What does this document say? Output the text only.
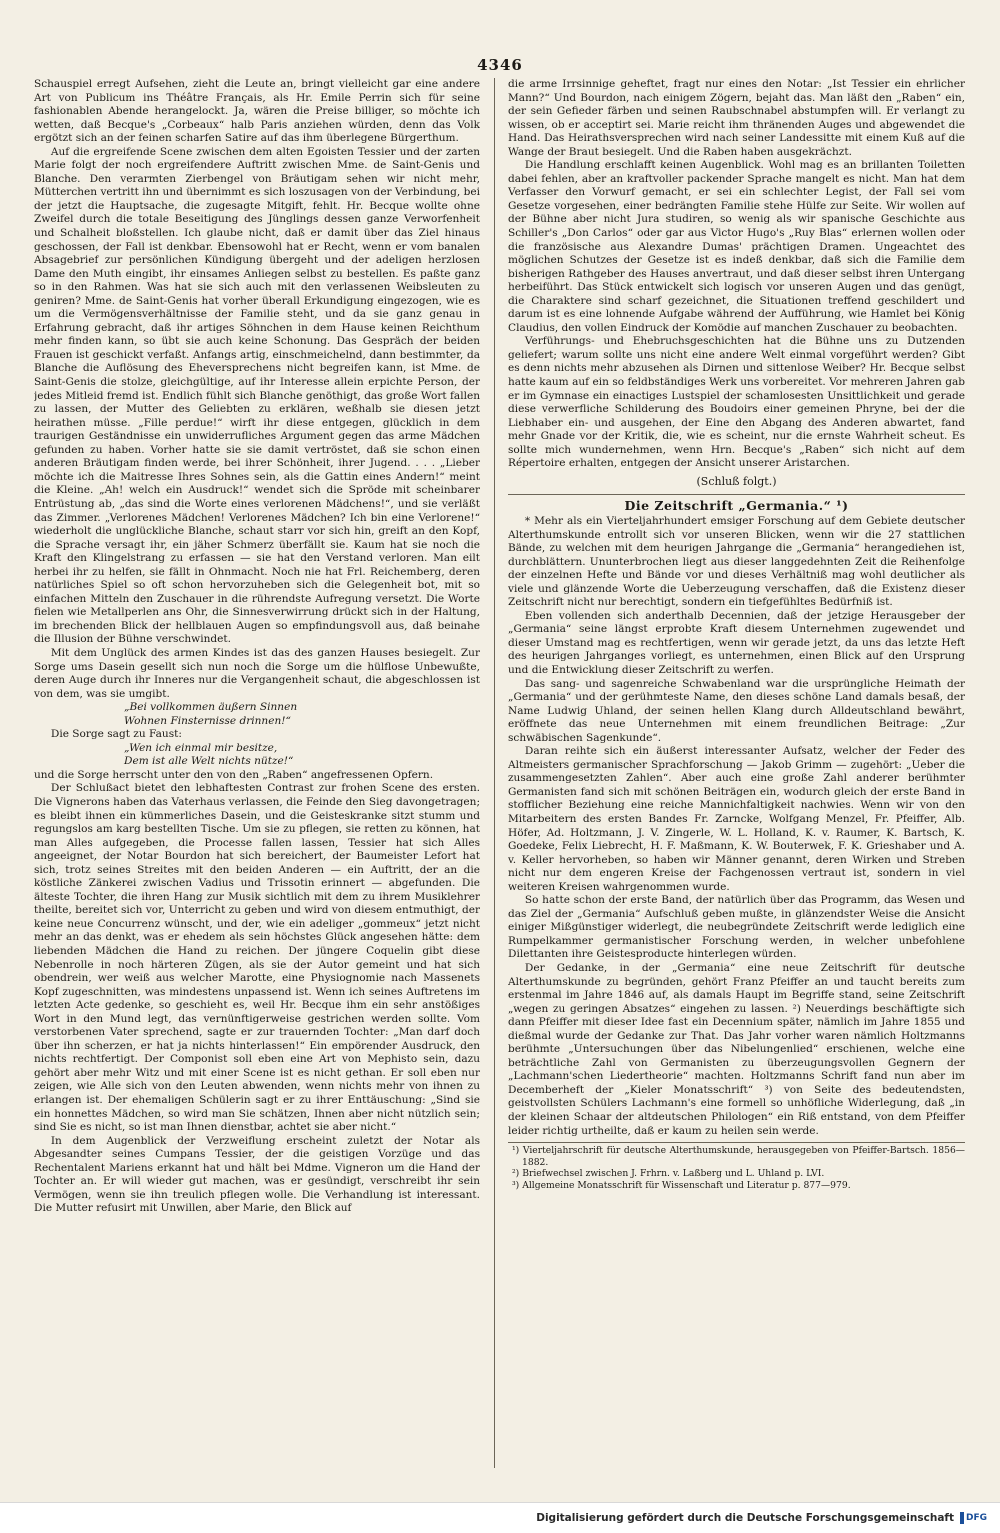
4346

Schauspiel erregt Aufsehen, zieht die Leute an, bringt vielleicht gar eine andere Art von Publicum ins Théâtre Français, als Hr. Emile Perrin sich für seine fashionablen Abende herangelockt. Ja, wären die Preise billiger, so möchte ich wetten, daß Becque's „Corbeaux“ halb Paris anziehen würden, denn das Volk ergötzt sich an der feinen scharfen Satire auf das ihm überlegene Bürgerthum.

Auf die ergreifende Scene zwischen dem alten Egoisten Tessier und der zarten Marie folgt der noch ergreifendere Auftritt zwischen Mme. de Saint-Genis und Blanche. Den verarmten Zierbengel von Bräutigam sehen wir nicht mehr, Mütterchen vertritt ihn und übernimmt es sich loszusagen von der Verbindung, bei der jetzt die Hauptsache, die zugesagte Mitgift, fehlt. Hr. Becque wollte ohne Zweifel durch die totale Beseitigung des Jünglings dessen ganze Verworfenheit und Schalheit bloßstellen. Ich glaube nicht, daß er damit über das Ziel hinaus geschossen, der Fall ist denkbar. Ebensowohl hat er Recht, wenn er vom banalen Absagebrief zur persönlichen Kündigung übergeht und der adeligen herzlosen Dame den Muth eingibt, ihr einsames Anliegen selbst zu bestellen. Es paßte ganz so in den Rahmen. Was hat sie sich auch mit den verlassenen Weibsleuten zu geniren? Mme. de Saint-Genis hat vorher überall Erkundigung eingezogen, wie es um die Vermögensverhältnisse der Familie steht, und da sie ganz genau in Erfahrung gebracht, daß ihr artiges Söhnchen in dem Hause keinen Reichthum mehr finden kann, so übt sie auch keine Schonung. Das Gespräch der beiden Frauen ist geschickt verfaßt. Anfangs artig, einschmeichelnd, dann bestimmter, da Blanche die Auflösung des Eheversprechens nicht begreifen kann, ist Mme. de Saint-Genis die stolze, gleichgültige, auf ihr Interesse allein erpichte Person, der jedes Mitleid fremd ist. Endlich fühlt sich Blanche genöthigt, das große Wort fallen zu lassen, der Mutter des Geliebten zu erklären, weßhalb sie diesen jetzt heirathen müsse. „Fille perdue!“ wirft ihr diese entgegen, glücklich in dem traurigen Geständnisse ein unwiderrufliches Argument gegen das arme Mädchen gefunden zu haben. Vorher hatte sie sie damit vertröstet, daß sie schon einen anderen Bräutigam finden werde, bei ihrer Schönheit, ihrer Jugend. . . . „Lieber möchte ich die Maitresse Ihres Sohnes sein, als die Gattin eines Andern!“ meint die Kleine. „Ah! welch ein Ausdruck!“ wendet sich die Spröde mit scheinbarer Entrüstung ab, „das sind die Worte eines verlorenen Mädchens!“, und sie verläßt das Zimmer. „Verlorenes Mädchen! Verlorenes Mädchen? Ich bin eine Verlorene!“ wiederholt die unglückliche Blanche, schaut starr vor sich hin, greift an den Kopf, die Sprache versagt ihr, ein jäher Schmerz überfällt sie. Kaum hat sie noch die Kraft den Klingelstrang zu erfassen — sie hat den Verstand verloren. Man eilt herbei ihr zu helfen, sie fällt in Ohnmacht. Noch nie hat Frl. Reichemberg, deren natürliches Spiel so oft schon hervorzuheben sich die Gelegenheit bot, mit so einfachen Mitteln den Zuschauer in die rührendste Aufregung versetzt. Die Worte fielen wie Metallperlen ans Ohr, die Sinnesverwirrung drückt sich in der Haltung, im brechenden Blick der hellblauen Augen so empfindungsvoll aus, daß beinahe die Illusion der Bühne verschwindet.

Mit dem Unglück des armen Kindes ist das des ganzen Hauses besiegelt. Zur Sorge ums Dasein gesellt sich nun noch die Sorge um die hülflose Unbewußte, deren Auge durch ihr Inneres nur die Vergangenheit schaut, die abgeschlossen ist von dem, was sie umgibt.

„Bei vollkommen äußern Sinnen
Wohnen Finsternisse drinnen!“

Die Sorge sagt zu Faust:

„Wen ich einmal mir besitze,
Dem ist alle Welt nichts nütze!“

und die Sorge herrscht unter den von den „Raben“ angefressenen Opfern.

Der Schlußact bietet den lebhaftesten Contrast zur frohen Scene des ersten. Die Vignerons haben das Vaterhaus verlassen, die Feinde den Sieg davongetragen; es bleibt ihnen ein kümmerliches Dasein, und die Geisteskranke sitzt stumm und regungslos am karg bestellten Tische. Um sie zu pflegen, sie retten zu können, hat man Alles aufgegeben, die Processe fallen lassen, Tessier hat sich Alles angeeignet, der Notar Bourdon hat sich bereichert, der Baumeister Lefort hat sich, trotz seines Streites mit den beiden Anderen — ein Auftritt, der an die köstliche Zänkerei zwischen Vadius und Trissotin erinnert — abgefunden. Die älteste Tochter, die ihren Hang zur Musik sichtlich mit dem zu ihrem Musiklehrer theilte, bereitet sich vor, Unterricht zu geben und wird von diesem entmuthigt, der keine neue Concurrenz wünscht, und der, wie ein adeliger „gommeux“ jetzt nicht mehr an das denkt, was er ehedem als sein höchstes Glück angesehen hätte: dem liebenden Mädchen die Hand zu reichen. Der jüngere Coquelin gibt diese Nebenrolle in noch härteren Zügen, als sie der Autor gemeint und hat sich obendrein, wer weiß aus welcher Marotte, eine Physiognomie nach Massenets Kopf zugeschnitten, was mindestens unpassend ist. Wenn ich seines Auftretens im letzten Acte gedenke, so geschieht es, weil Hr. Becque ihm ein sehr anstößiges Wort in den Mund legt, das vernünftigerweise gestrichen werden sollte. Vom verstorbenen Vater sprechend, sagte er zur trauernden Tochter: „Man darf doch über ihn scherzen, er hat ja nichts hinterlassen!“ Ein empörender Ausdruck, den nichts rechtfertigt. Der Componist soll eben eine Art von Mephisto sein, dazu gehört aber mehr Witz und mit einer Scene ist es nicht gethan. Er soll eben nur zeigen, wie Alle sich von den Leuten abwenden, wenn nichts mehr von ihnen zu erlangen ist. Der ehemaligen Schülerin sagt er zu ihrer Enttäuschung: „Sind sie ein honnettes Mädchen, so wird man Sie schätzen, Ihnen aber nicht nützlich sein; sind Sie es nicht, so ist man Ihnen dienstbar, achtet sie aber nicht.“

In dem Augenblick der Verzweiflung erscheint zuletzt der Notar als Abgesandter seines Cumpans Tessier, der die geistigen Vorzüge und das Rechentalent Mariens erkannt hat und hält bei Mdme. Vigneron um die Hand der Tochter an. Er will wieder gut machen, was er gesündigt, verschreibt ihr sein Vermögen, wenn sie ihn treulich pflegen wolle. Die Verhandlung ist interessant. Die Mutter refusirt mit Unwillen, aber Marie, den Blick auf

die arme Irrsinnige geheftet, fragt nur eines den Notar: „Ist Tessier ein ehrlicher Mann?“ Und Bourdon, nach einigem Zögern, bejaht das. Man läßt den „Raben“ ein, der sein Gefieder färben und seinen Raubschnabel abstumpfen will. Er verlangt zu wissen, ob er acceptirt sei. Marie reicht ihm thränenden Auges und abgewendet die Hand. Das Heirathsversprechen wird nach seiner Landessitte mit einem Kuß auf die Wange der Braut besiegelt. Und die Raben haben ausgekrächzt.

Die Handlung erschlafft keinen Augenblick. Wohl mag es an brillanten Toiletten dabei fehlen, aber an kraftvoller packender Sprache mangelt es nicht. Man hat dem Verfasser den Vorwurf gemacht, er sei ein schlechter Legist, der Fall sei vom Gesetze vorgesehen, einer bedrängten Familie stehe Hülfe zur Seite. Wir wollen auf der Bühne aber nicht Jura studiren, so wenig als wir spanische Geschichte aus Schiller's „Don Carlos“ oder gar aus Victor Hugo's „Ruy Blas“ erlernen wollen oder die französische aus Alexandre Dumas' prächtigen Dramen. Ungeachtet des möglichen Schutzes der Gesetze ist es indeß denkbar, daß sich die Familie dem bisherigen Rathgeber des Hauses anvertraut, und daß dieser selbst ihren Untergang herbeiführt. Das Stück entwickelt sich logisch vor unseren Augen und das genügt, die Charaktere sind scharf gezeichnet, die Situationen treffend geschildert und darum ist es eine lohnende Aufgabe während der Aufführung, wie Hamlet bei König Claudius, den vollen Eindruck der Komödie auf manchen Zuschauer zu beobachten.

Verführungs- und Ehebruchsgeschichten hat die Bühne uns zu Dutzenden geliefert; warum sollte uns nicht eine andere Welt einmal vorgeführt werden? Gibt es denn nichts mehr abzusehen als Dirnen und sittenlose Weiber? Hr. Becque selbst hatte kaum auf ein so feldbständiges Werk uns vorbereitet. Vor mehreren Jahren gab er im Gymnase ein einactiges Lustspiel der schamlosesten Unsittlichkeit und gerade diese verwerfliche Schilderung des Boudoirs einer gemeinen Phryne, bei der die Liebhaber ein- und ausgehen, der Eine den Abgang des Anderen abwartet, fand mehr Gnade vor der Kritik, die, wie es scheint, nur die ernste Wahrheit scheut. Es sollte mich wundernehmen, wenn Hrn. Becque's „Raben“ sich nicht auf dem Répertoire erhalten, entgegen der Ansicht unserer Aristarchen.

(Schluß folgt.)
Die Zeitschrift „Germania.“ ¹)

* Mehr als ein Vierteljahrhundert emsiger Forschung auf dem Gebiete deutscher Alterthumskunde entrollt sich vor unseren Blicken, wenn wir die 27 stattlichen Bände, zu welchen mit dem heurigen Jahrgange die „Germania“ herangediehen ist, durchblättern. Ununterbrochen liegt aus dieser langgedehnten Zeit die Reihenfolge der einzelnen Hefte und Bände vor und dieses Verhältniß mag wohl deutlicher als viele und glänzende Worte die Ueberzeugung verschaffen, daß die Existenz dieser Zeitschrift nicht nur berechtigt, sondern ein tiefgefühltes Bedürfniß ist.

Eben vollenden sich anderthalb Decennien, daß der jetzige Herausgeber der „Germania“ seine längst erprobte Kraft diesem Unternehmen zugewendet und dieser Umstand mag es rechtfertigen, wenn wir gerade jetzt, da uns das letzte Heft des heurigen Jahrganges vorliegt, es unternehmen, einen Blick auf den Ursprung und die Entwicklung dieser Zeitschrift zu werfen.

Das sang- und sagenreiche Schwabenland war die ursprüngliche Heimath der „Germania“ und der gerühmteste Name, den dieses schöne Land damals besaß, der Name Ludwig Uhland, der seinen hellen Klang durch Alldeutschland bewährt, eröffnete das neue Unternehmen mit einem freundlichen Beitrage: „Zur schwäbischen Sagenkunde“.

Daran reihte sich ein äußerst interessanter Aufsatz, welcher der Feder des Altmeisters germanischer Sprachforschung — Jakob Grimm — zugehört: „Ueber die zusammengesetzten Zahlen“. Aber auch eine große Zahl anderer berühmter Germanisten fand sich mit schönen Beiträgen ein, wodurch gleich der erste Band in stofflicher Beziehung eine reiche Mannichfaltigkeit nachwies. Wenn wir von den Mitarbeitern des ersten Bandes Fr. Zarncke, Wolfgang Menzel, Fr. Pfeiffer, Alb. Höfer, Ad. Holtzmann, J. V. Zingerle, W. L. Holland, K. v. Raumer, K. Bartsch, K. Goedeke, Felix Liebrecht, H. F. Maßmann, K. W. Bouterwek, F. K. Grieshaber und A. v. Keller hervorheben, so haben wir Männer genannt, deren Wirken und Streben nicht nur dem engeren Kreise der Fachgenossen vertraut ist, sondern in viel weiteren Kreisen wahrgenommen wurde.

So hatte schon der erste Band, der natürlich über das Programm, das Wesen und das Ziel der „Germania“ Aufschluß geben mußte, in glänzendster Weise die Ansicht einiger Mißgünstiger widerlegt, die neubegründete Zeitschrift werde lediglich eine Rumpelkammer germanistischer Forschung werden, in welcher unbefohlene Dilettanten ihre Geistesproducte hinterlegen würden.

Der Gedanke, in der „Germania“ eine neue Zeitschrift für deutsche Alterthumskunde zu begründen, gehört Franz Pfeiffer an und taucht bereits zum erstenmal im Jahre 1846 auf, als damals Haupt im Begriffe stand, seine Zeitschrift „wegen zu geringen Absatzes“ eingehen zu lassen. ²) Neuerdings beschäftigte sich dann Pfeiffer mit dieser Idee fast ein Decennium später, nämlich im Jahre 1855 und dießmal wurde der Gedanke zur That. Das Jahr vorher waren nämlich Holtzmanns berühmte „Untersuchungen über das Nibelungenlied“ erschienen, welche eine beträchtliche Zahl von Germanisten zu überzeugungsvollen Gegnern der „Lachmann'schen Liedertheorie“ machten. Holtzmanns Schrift fand nun aber im Decemberheft der „Kieler Monatsschrift“ ³) von Seite des bedeutendsten, geistvollsten Schülers Lachmann's eine formell so unhöfliche Widerlegung, daß „in der kleinen Schaar der altdeutschen Philologen“ ein Riß entstand, von dem Pfeiffer leider richtig urtheilte, daß er kaum zu heilen sein werde.

¹) Vierteljahrschrift für deutsche Alterthumskunde, herausgegeben von Pfeiffer-Bartsch. 1856—1882.
²) Briefwechsel zwischen J. Frhrn. v. Laßberg und L. Uhland p. LVI.
³) Allgemeine Monatsschrift für Wissenschaft und Literatur p. 877—979.
Digitalisierung gefördert durch die Deutsche Forschungsgemeinschaft	DFG
